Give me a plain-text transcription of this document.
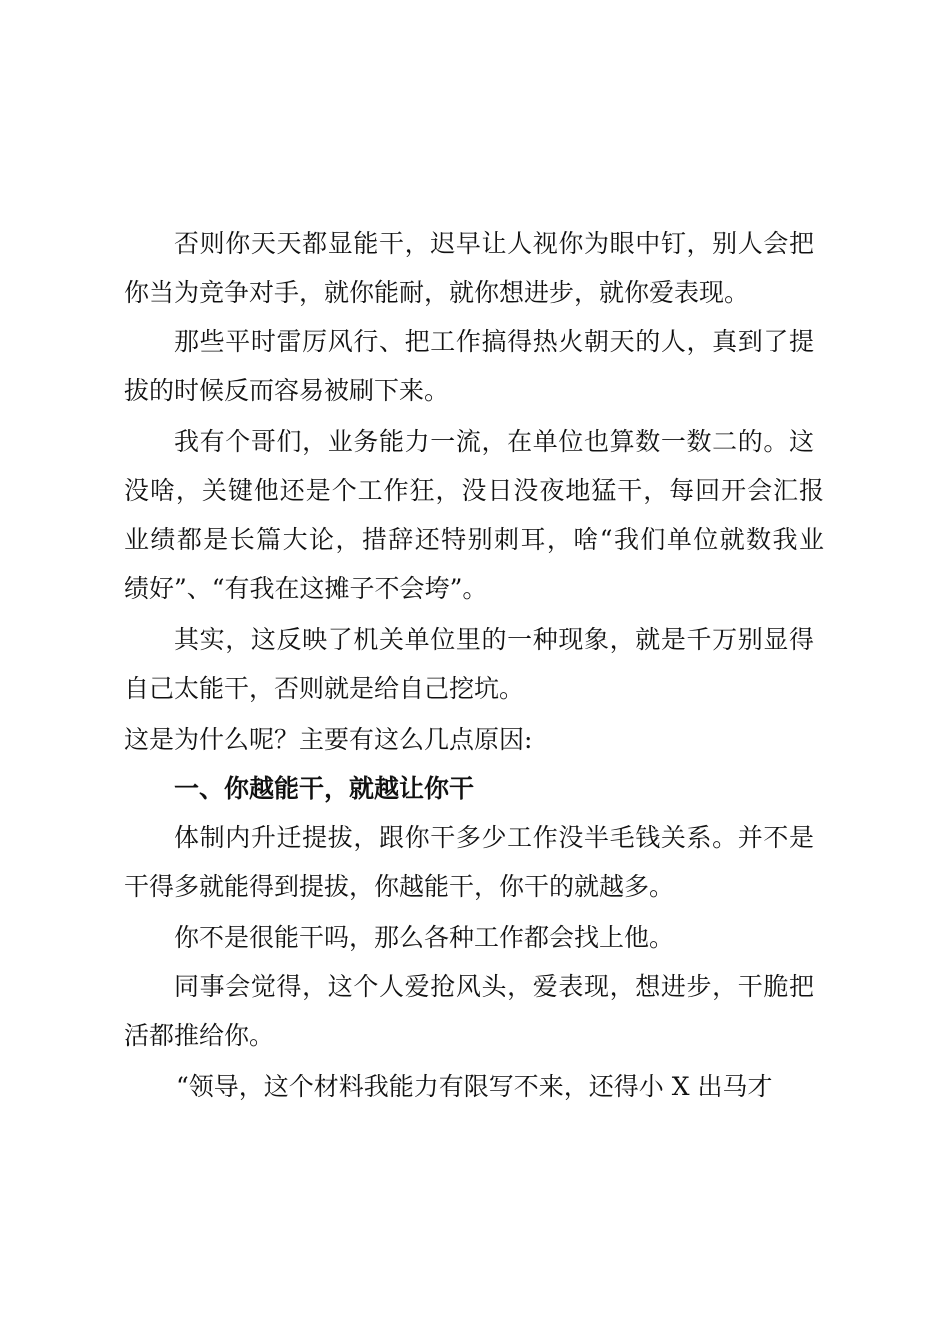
否则你天天都显能干，迟早让人视你为眼中钉，别人会把
你当为竞争对手，就你能耐，就你想进步，就你爱表现。
那些平时雷厉风行、把工作搞得热火朝天的人，真到了提
拔的时候反而容易被刷下来。
我有个哥们，业务能力一流，在单位也算数一数二的。这
没啥，关键他还是个工作狂，没日没夜地猛干，每回开会汇报
业绩都是长篇大论，措辞还特别刺耳，啥“我们单位就数我业
绩好”、“有我在这摊子不会垮”。
其实，这反映了机关单位里的一种现象，就是千万别显得
自己太能干，否则就是给自己挖坑。
这是为什么呢？主要有这么几点原因:
一、你越能干，就越让你干
体制内升迁提拔，跟你干多少工作没半毛钱关系。并不是
干得多就能得到提拔，你越能干，你干的就越多。
你不是很能干吗，那么各种工作都会找上他。
同事会觉得，这个人爱抢风头，爱表现，想进步，干脆把
活都推给你。
“领导，这个材料我能力有限写不来，还得小 X 出马才
